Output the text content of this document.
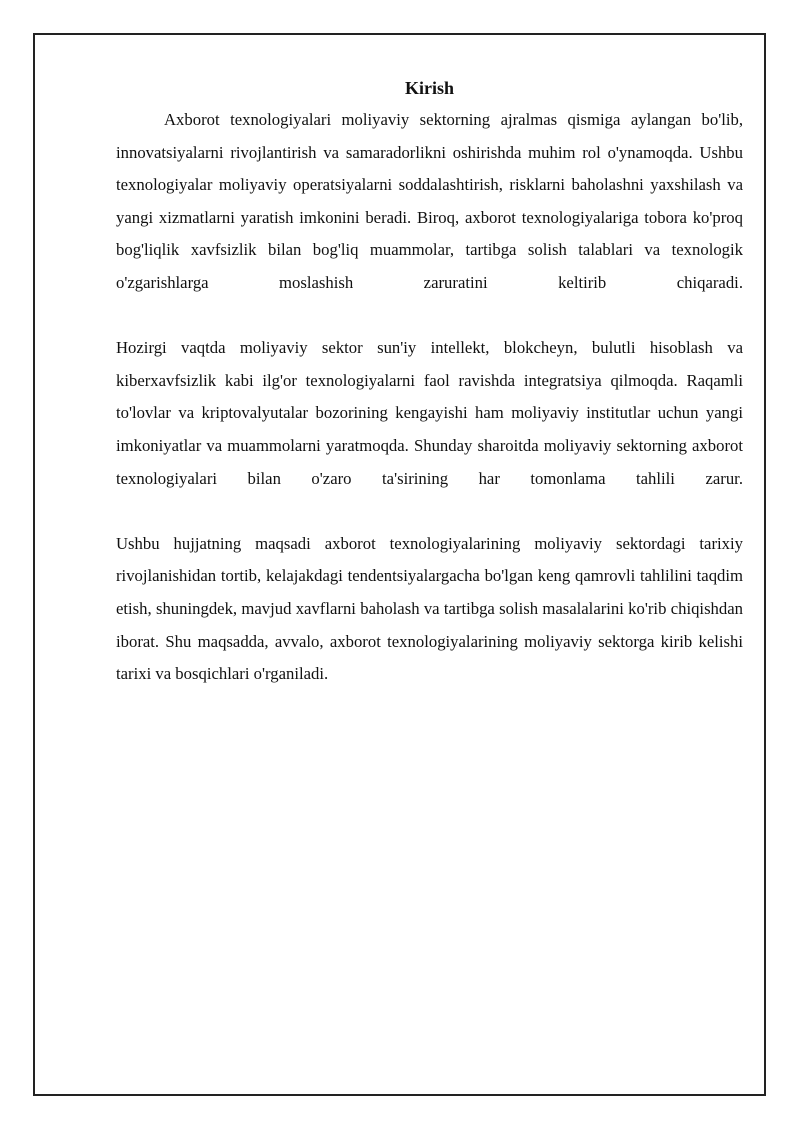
Kirish

Axborot texnologiyalari moliyaviy sektorning ajralmas qismiga aylangan bo'lib, innovatsiyalarni rivojlantirish va samaradorlikni oshirishda muhim rol o'ynamoqda. Ushbu texnologiyalar moliyaviy operatsiyalarni soddalashtirish, risklarni baholashni yaxshilash va yangi xizmatlarni yaratish imkonini beradi. Biroq, axborot texnologiyalariga tobora ko'proq bog'liqlik xavfsizlik bilan bog'liq muammolar, tartibga solish talablari va texnologik o'zgarishlarga moslashish zaruratini keltirib chiqaradi.

Hozirgi vaqtda moliyaviy sektor sun'iy intellekt, blokcheyn, bulutli hisoblash va kiberxavfsizlik kabi ilg'or texnologiyalarni faol ravishda integratsiya qilmoqda. Raqamli to'lovlar va kriptovalyutalar bozorining kengayishi ham moliyaviy institutlar uchun yangi imkoniyatlar va muammolarni yaratmoqda. Shunday sharoitda moliyaviy sektorning axborot texnologiyalari bilan o'zaro ta'sirining har tomonlama tahlili zarur.

Ushbu hujjatning maqsadi axborot texnologiyalarining moliyaviy sektordagi tarixiy rivojlanishidan tortib, kelajakdagi tendentsiyalargacha bo'lgan keng qamrovli tahlilini taqdim etish, shuningdek, mavjud xavflarni baholash va tartibga solish masalalarini ko'rib chiqishdan iborat. Shu maqsadda, avvalo, axborot texnologiyalarining moliyaviy sektorga kirib kelishi tarixi va bosqichlari o'rganiladi.
